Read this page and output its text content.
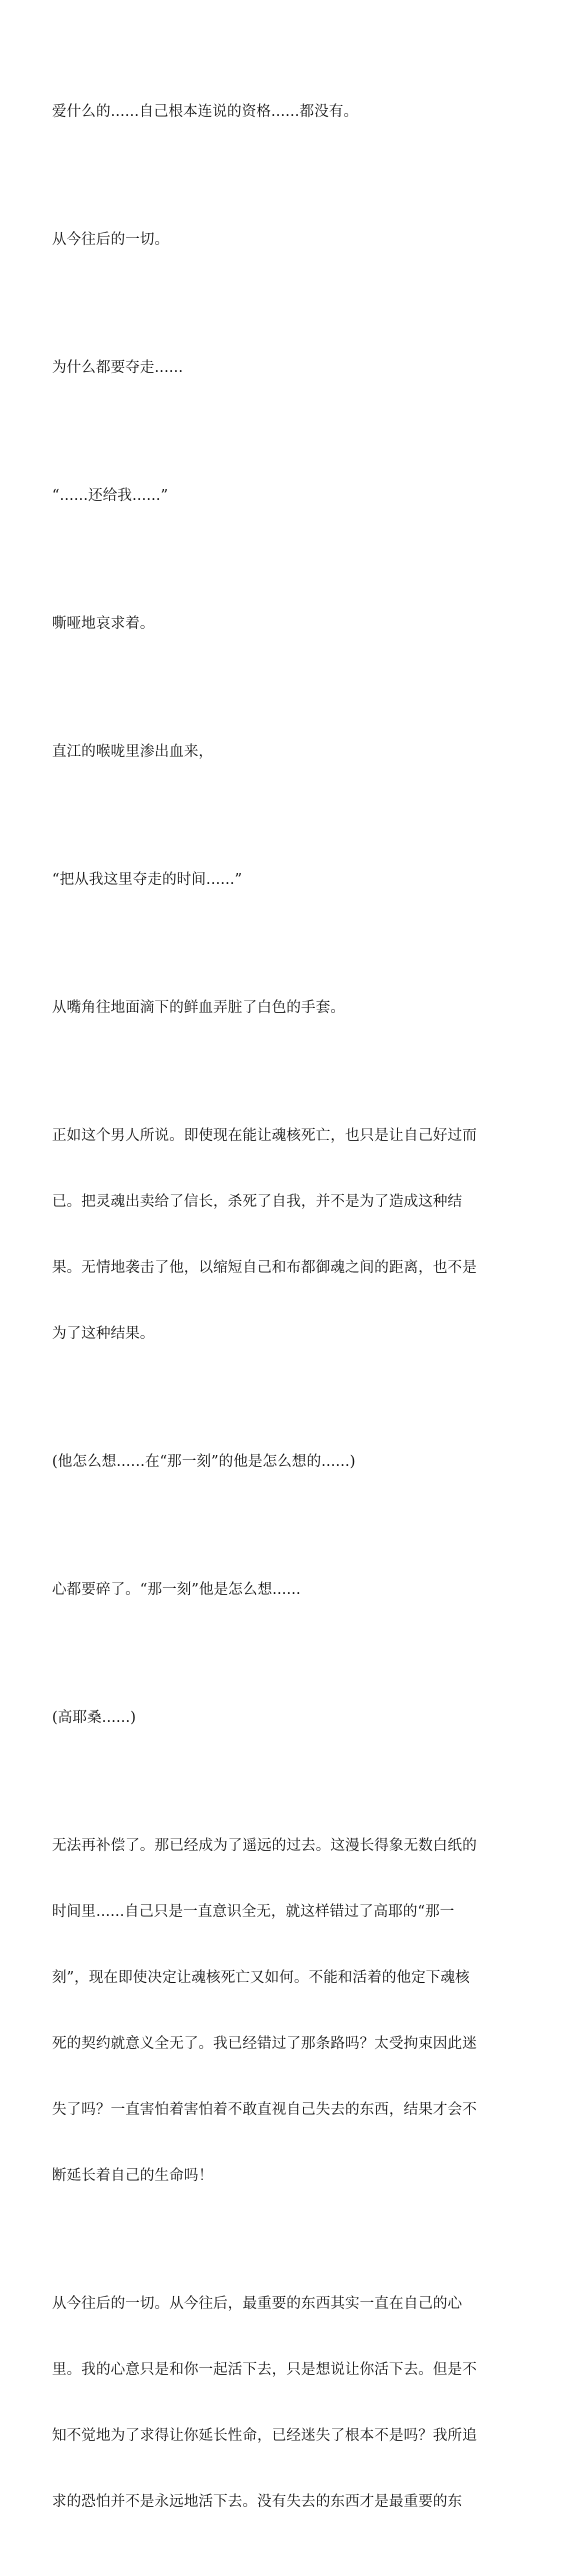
爱什么的......自己根本连说的资格......都没有。

从今往后的一切。

为什么都要夺走......

“......还给我......”

嘶哑地哀求着。

直江的喉咙里渗出血来，

“把从我这里夺走的时间......”

从嘴角往地面滴下的鲜血弄脏了白色的手套。

正如这个男人所说。即使现在能让魂核死亡，也只是让自己好过而

已。把灵魂出卖给了信长，杀死了自我，并不是为了造成这种结

果。无情地袭击了他，以缩短自己和布都御魂之间的距离，也不是

为了这种结果。

(他怎么想......在“那一刻”的他是怎么想的......)

心都要碎了。“那一刻”他是怎么想......

(高耶桑......)

无法再补偿了。那已经成为了遥远的过去。这漫长得象无数白纸的

时间里......自己只是一直意识全无，就这样错过了高耶的“那一

刻”，现在即使决定让魂核死亡又如何。不能和活着的他定下魂核

死的契约就意义全无了。我已经错过了那条路吗？太受拘束因此迷

失了吗？一直害怕着害怕着不敢直视自己失去的东西，结果才会不

断延长着自己的生命吗！

从今往后的一切。从今往后，最重要的东西其实一直在自己的心

里。我的心意只是和你一起活下去，只是想说让你活下去。但是不

知不觉地为了求得让你延长性命，已经迷失了根本不是吗？我所追

求的恐怕并不是永远地活下去。没有失去的东西才是最重要的东
